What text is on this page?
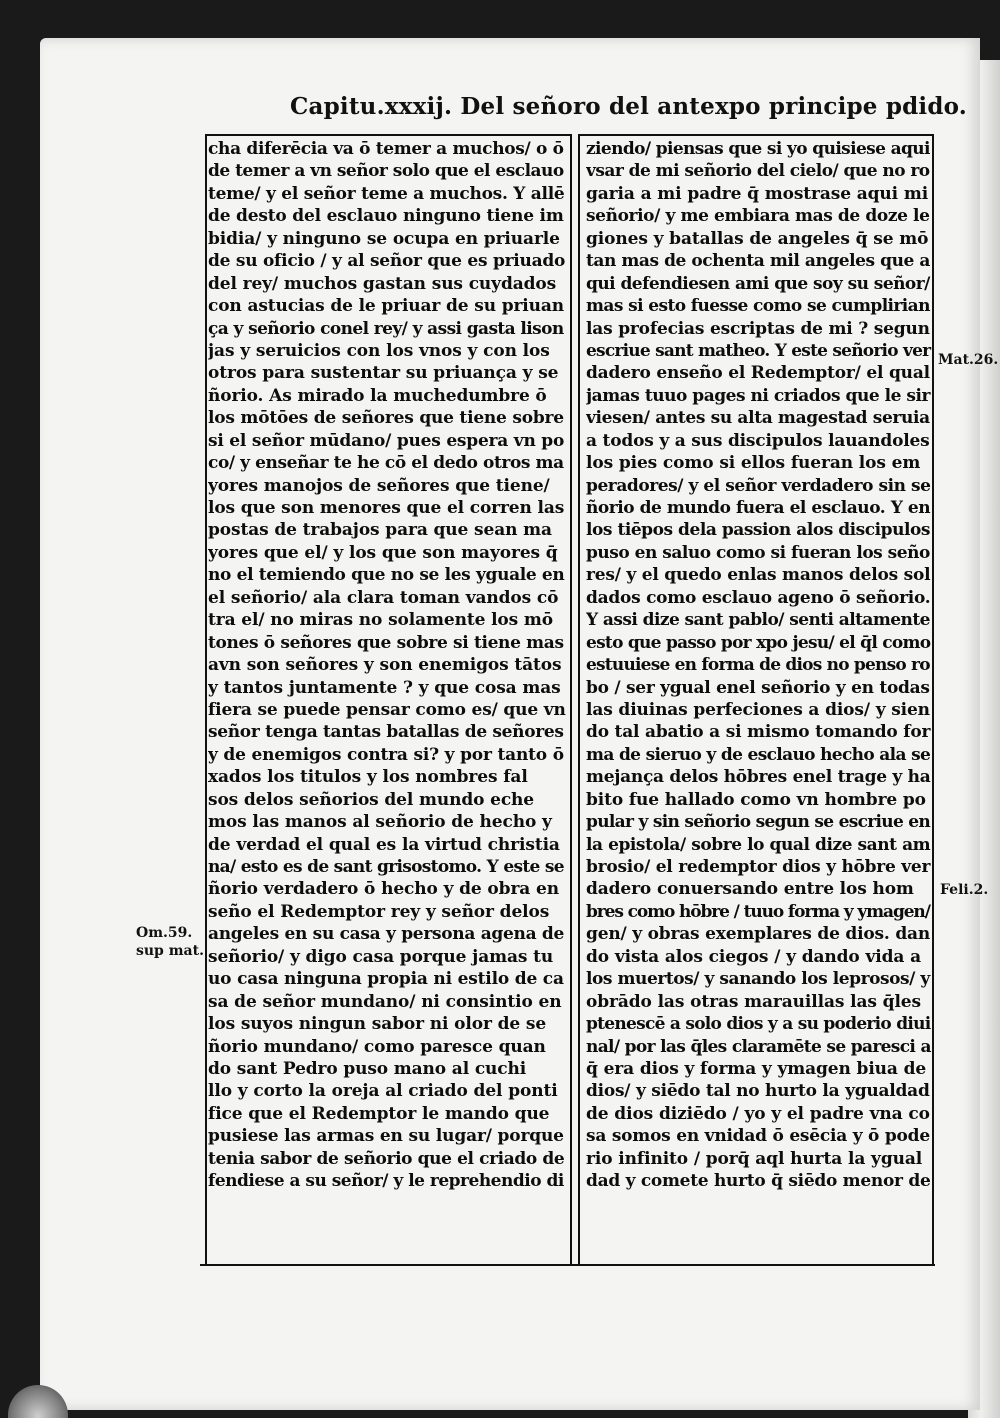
Capitu.xxxij. Del señoro del antexpo principe pdido.
cha diferēcia va ō temer a muchos/ o ō
de temer a vn señor solo que el esclauo
teme/ y el señor teme a muchos. Y allē
de desto del esclauo ninguno tiene im
bidia/ y ninguno se ocupa en priuarle
de su oficio / y al señor que es priuado
del rey/ muchos gastan sus cuydados
con astucias de le priuar de su priuan
ça y señorio conel rey/ y assi gasta lison
jas y seruicios con los vnos y con los
otros para sustentar su priuança y se
ñorio. As mirado la muchedumbre ō
los mōtōes de señores que tiene sobre
si el señor mūdano/ pues espera vn po
co/ y enseñar te he cō el dedo otros ma
yores manojos de señores que tiene/
los que son menores que el corren las
postas de trabajos para que sean ma
yores que el/ y los que son mayores q̄
no el temiendo que no se les yguale en
el señorio/ ala clara toman vandos cō
tra el/ no miras no solamente los mō
tones ō señores que sobre si tiene mas
avn son señores y son enemigos tātos
y tantos juntamente ? y que cosa mas
fiera se puede pensar como es/ que vn
señor tenga tantas batallas de señores
y de enemigos contra si? y por tanto ō
xados los titulos y los nombres fal
sos delos señorios del mundo eche
mos las manos al señorio de hecho y
de verdad el qual es la virtud christia
na/ esto es de sant grisostomo. Y este se
ñorio verdadero ō hecho y de obra en
seño el Redemptor rey y señor delos
angeles en su casa y persona agena de
señorio/ y digo casa porque jamas tu
uo casa ninguna propia ni estilo de ca
sa de señor mundano/ ni consintio en
los suyos ningun sabor ni olor de se
ñorio mundano/ como paresce quan
do sant Pedro puso mano al cuchi
llo y corto la oreja al criado del ponti
fice que el Redemptor le mando que
pusiese las armas en su lugar/ porque
tenia sabor de señorio que el criado de
fendiese a su señor/ y le reprehendio di
ziendo/ piensas que si yo quisiese aqui
vsar de mi señorio del cielo/ que no ro
garia a mi padre q̄ mostrase aqui mi
señorio/ y me embiara mas de doze le
giones y batallas de angeles q̄ se mō
tan mas de ochenta mil angeles que a
qui defendiesen ami que soy su señor/
mas si esto fuesse como se cumplirian
las profecias escriptas de mi ? segun
escriue sant matheo. Y este señorio ver
dadero enseño el Redemptor/ el qual
jamas tuuo pages ni criados que le sir
viesen/ antes su alta magestad seruia
a todos y a sus discipulos lauandoles
los pies como si ellos fueran los em
peradores/ y el señor verdadero sin se
ñorio de mundo fuera el esclauo. Y en
los tiēpos dela passion alos discipulos
puso en saluo como si fueran los seño
res/ y el quedo enlas manos delos sol
dados como esclauo ageno ō señorio.
Y assi dize sant pablo/ senti altamente
esto que passo por xpo jesu/ el q̄l como
estuuiese en forma de dios no penso ro
bo / ser ygual enel señorio y en todas
las diuinas perfeciones a dios/ y sien
do tal abatio a si mismo tomando for
ma de sieruo y de esclauo hecho ala se
mejança delos hōbres enel trage y ha
bito fue hallado como vn hombre po
pular y sin señorio segun se escriue en
la epistola/ sobre lo qual dize sant am
brosio/ el redemptor dios y hōbre ver
dadero conuersando entre los hom
bres como hōbre / tuuo forma y ymagen/
gen/ y obras exemplares de dios. dan
do vista alos ciegos / y dando vida a
los muertos/ y sanando los leprosos/ y
obrādo las otras marauillas las q̄les
ptenescē a solo dios y a su poderio diui
nal/ por las q̄les claramēte se paresci a
q̄ era dios y forma y ymagen biua de
dios/ y siēdo tal no hurto la ygualdad
de dios diziēdo / yo y el padre vna co
sa somos en vnidad ō esēcia y ō pode
rio infinito / porq̄ aql hurta la ygual
dad y comete hurto q̄ siēdo menor de
Mat.26.
Feli.2.
Om.59.
sup mat.
